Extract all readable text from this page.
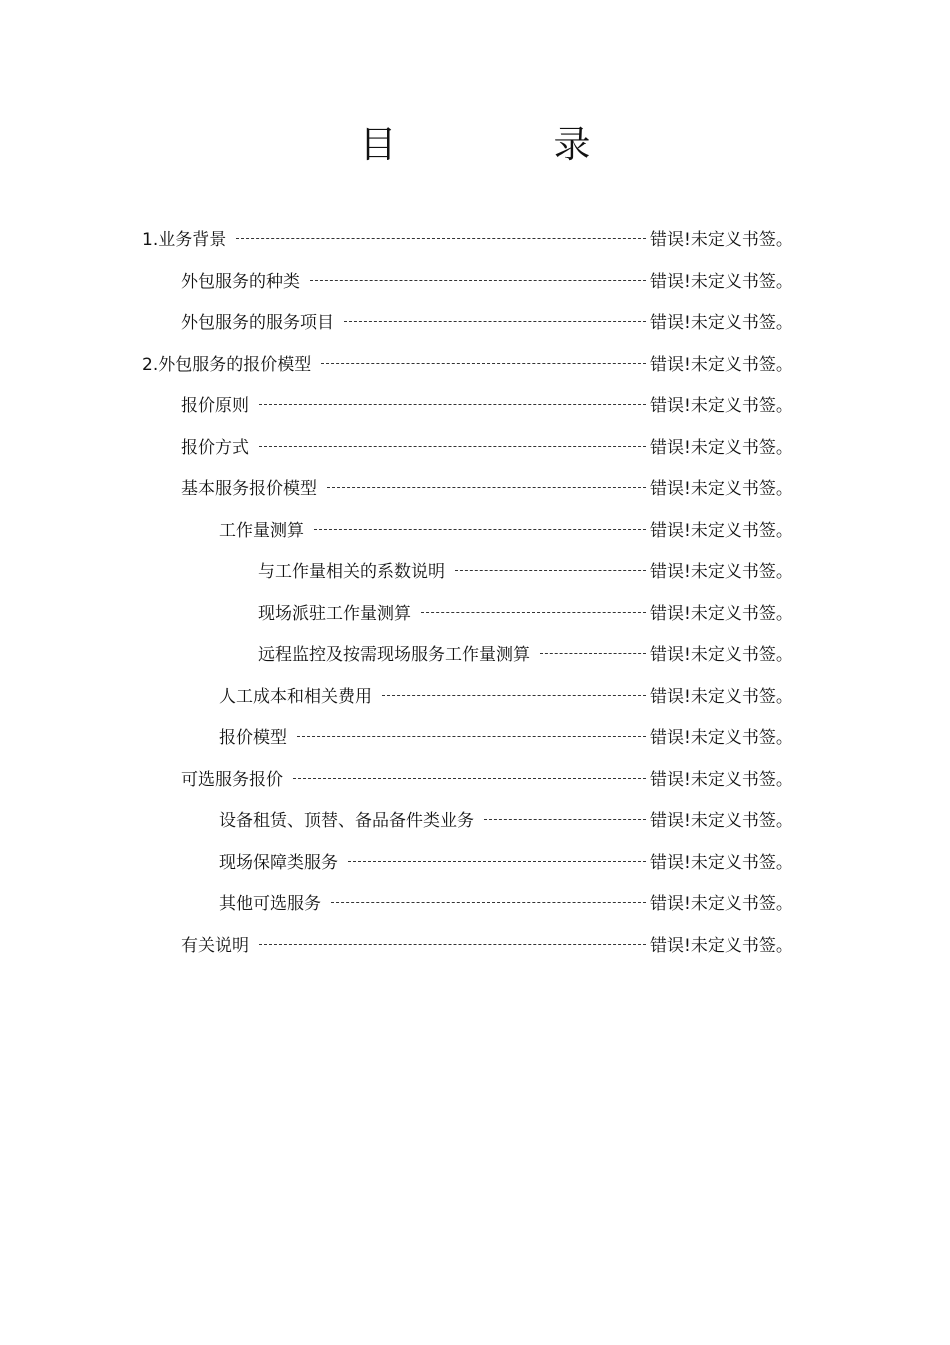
目　录
1.业务背景	错误!未定义书签。
外包服务的种类	错误!未定义书签。
外包服务的服务项目	错误!未定义书签。
2.外包服务的报价模型	错误!未定义书签。
报价原则	错误!未定义书签。
报价方式	错误!未定义书签。
基本服务报价模型	错误!未定义书签。
工作量测算	错误!未定义书签。
与工作量相关的系数说明	错误!未定义书签。
现场派驻工作量测算	错误!未定义书签。
远程监控及按需现场服务工作量测算	错误!未定义书签。
人工成本和相关费用	错误!未定义书签。
报价模型	错误!未定义书签。
可选服务报价	错误!未定义书签。
设备租赁、顶替、备品备件类业务	错误!未定义书签。
现场保障类服务	错误!未定义书签。
其他可选服务	错误!未定义书签。
有关说明	错误!未定义书签。
